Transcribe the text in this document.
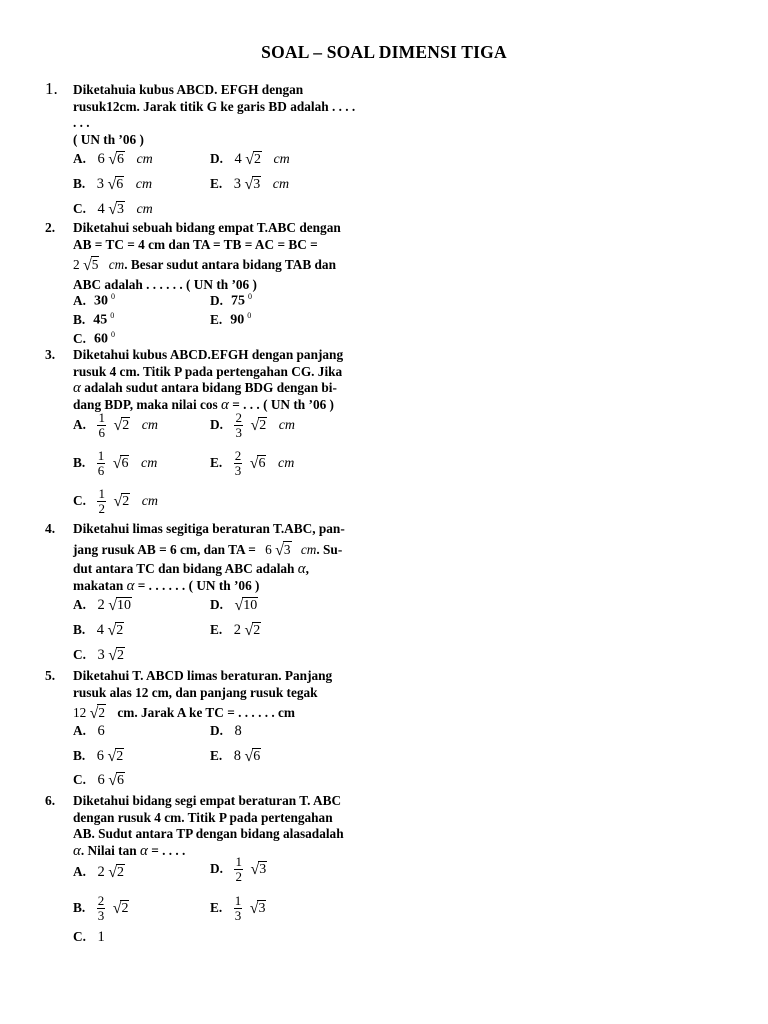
SOAL – SOAL DIMENSI TIGA
1. Diketahuia kubus ABCD. EFGH dengan
rusuk12cm. Jarak titik G ke garis BD adalah . . . .
. . .
( UN th ’06 )
A. 6 √6 cm	D. 4 √2 cm
B. 3 √6 cm	E. 3 √3 cm
C. 4 √3 cm
2. Diketahui sebuah bidang empat T.ABC dengan
AB = TC = 4 cm dan TA = TB = AC = BC =
2 √5 cm. Besar sudut antara bidang TAB dan
ABC adalah . . . . . . ( UN th ’06 )
A. 30 $^0$	D. 75 $^0$
B. 45 $^0$	E. 90 $^0$
C. 60 $^0$
3. Diketahui kubus ABCD.EFGH dengan panjang
rusuk 4 cm. Titik P pada pertengahan CG. Jika
α adalah sudut antara bidang BDG dengan bi-
dang BDP, maka nilai cos α = . . . ( UN th ’06 )
A. $\frac{1}{6} √2$ cm	D. $\frac{2}{3} √2$ cm
B. $\frac{1}{6} √6$ cm	E. $\frac{2}{3} √6$ cm
C. $\frac{1}{2} √2$ cm
4. Diketahui limas segitiga beraturan T.ABC, pan-
jang rusuk AB = 6 cm, dan TA = 6 √3 cm. Su-
dut antara TC dan bidang ABC adalah α,
makatan α = . . . . . . ( UN th ’06 )
A. 2 √10	D. √10
B. 4 √2	E. 2 √2
C. 3 √2
5. Diketahui T. ABCD limas beraturan. Panjang
rusuk alas 12 cm, dan panjang rusuk tegak
12 √2 cm. Jarak A ke TC = . . . . . . cm
A. 6	D. 8
B. 6 √2	E. 8 √6
C. 6 √6
6. Diketahui bidang segi empat beraturan T. ABC
dengan rusuk 4 cm. Titik P pada pertengahan
AB. Sudut antara TP dengan bidang alasadalah
α. Nilai tan α = . . . .
A. 2 √2	D. $\frac{1}{2} √3$
B. $\frac{2}{3} √2$	E. $\frac{1}{3} √3$
C. 1
